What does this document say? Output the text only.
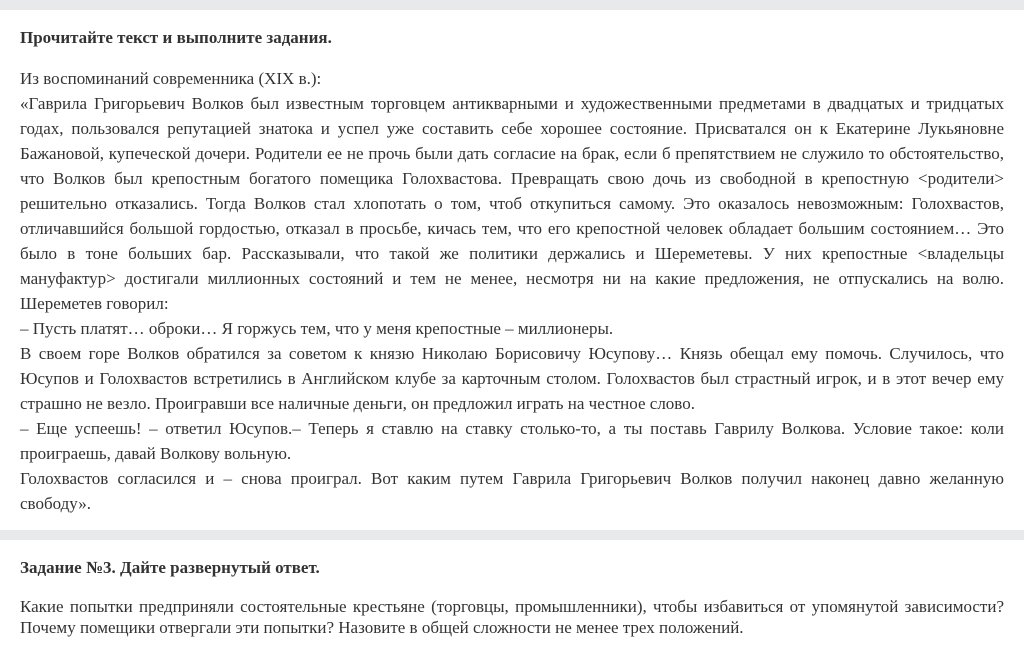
Прочитайте текст и выполните задания.

Из воспоминаний современника (XIX в.):

«Гаврила Григорьевич Волков был известным торговцем антикварными и художественными предметами в двадцатых и тридцатых годах, пользовался репутацией знатока и успел уже составить себе хорошее состояние. Присватался он к Екатерине Лукьяновне Бажановой, купеческой дочери. Родители ее не прочь были дать согласие на брак, если б препятствием не служило то обстоятельство, что Волков был крепостным богатого помещика Голохвастова. Превращать свою дочь из свободной в крепостную <родители> решительно отказались. Тогда Волков стал хлопотать о том, чтоб откупиться самому. Это оказалось невозможным: Голохвастов, отличавшийся большой гордостью, отказал в просьбе, кичась тем, что его крепостной человек обладает большим состоянием… Это было в тоне больших бар. Рассказывали, что такой же политики держались и Шереметевы. У них крепостные <владельцы мануфактур> достигали миллионных состояний и тем не менее, несмотря ни на какие предложения, не отпускались на волю. Шереметев говорил:

– Пусть платят… оброки… Я горжусь тем, что у меня крепостные – миллионеры.

В своем горе Волков обратился за советом к князю Николаю Борисовичу Юсупову… Князь обещал ему помочь. Случилось, что Юсупов и Голохвастов встретились в Английском клубе за карточным столом. Голохвастов был страстный игрок, и в этот вечер ему страшно не везло. Проигравши все наличные деньги, он предложил играть на честное слово.

– Еще успеешь! – ответил Юсупов.– Теперь я ставлю на ставку столько-то, а ты поставь Гаврилу Волкова. Условие такое: коли проиграешь, давай Волкову вольную.

Голохвастов согласился и – снова проиграл. Вот каким путем Гаврила Григорьевич Волков получил наконец давно желанную свободу».

Задание №3. Дайте развернутый ответ.

Какие попытки предприняли состоятельные крестьяне (торговцы, промышленники), чтобы избавиться от упомянутой зависимости? Почему помещики отвергали эти попытки? Назовите в общей сложности не менее трех положений.
